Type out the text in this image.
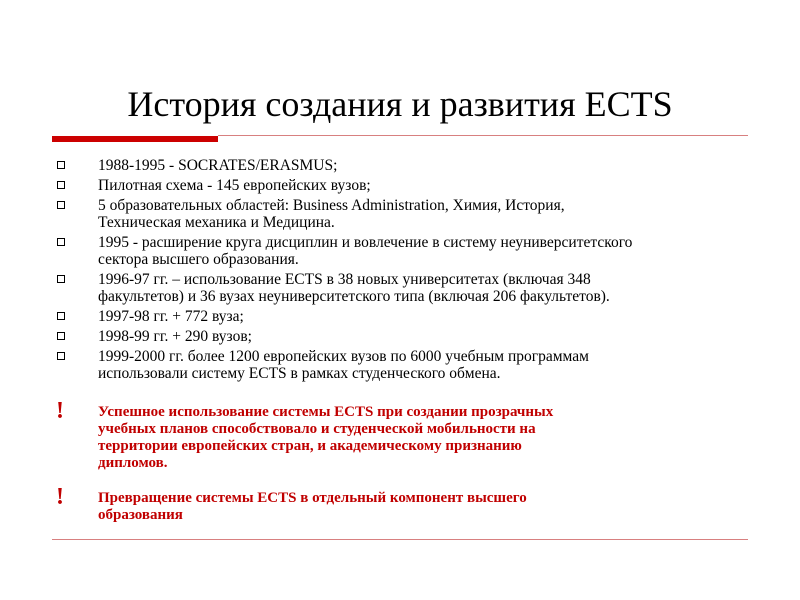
История создания и развития ECTS
1988-1995 - SOCRATES/ERASMUS;
Пилотная схема - 145 европейских вузов;
5 образовательных областей: Business Administration, Химия, История,
Техническая механика и Медицина.
1995 - расширение круга дисциплин и вовлечение в систему неуниверситетского
сектора высшего образования.
1996-97 гг. – использование ECTS в 38 новых университетах (включая 348
факультетов) и 36 вузах неуниверситетского типа (включая 206 факультетов).
1997-98 гг. + 772 вуза;
1998-99 гг. + 290 вузов;
1999-2000 гг. более 1200 европейских вузов по 6000 учебным программам
использовали систему ECTS в рамках студенческого обмена.
! Успешное использование системы ECTS при создании прозрачных
учебных планов способствовало и студенческой мобильности на
территории европейских стран, и академическому признанию
дипломов.
! Превращение системы ECTS в отдельный компонент высшего
образования
